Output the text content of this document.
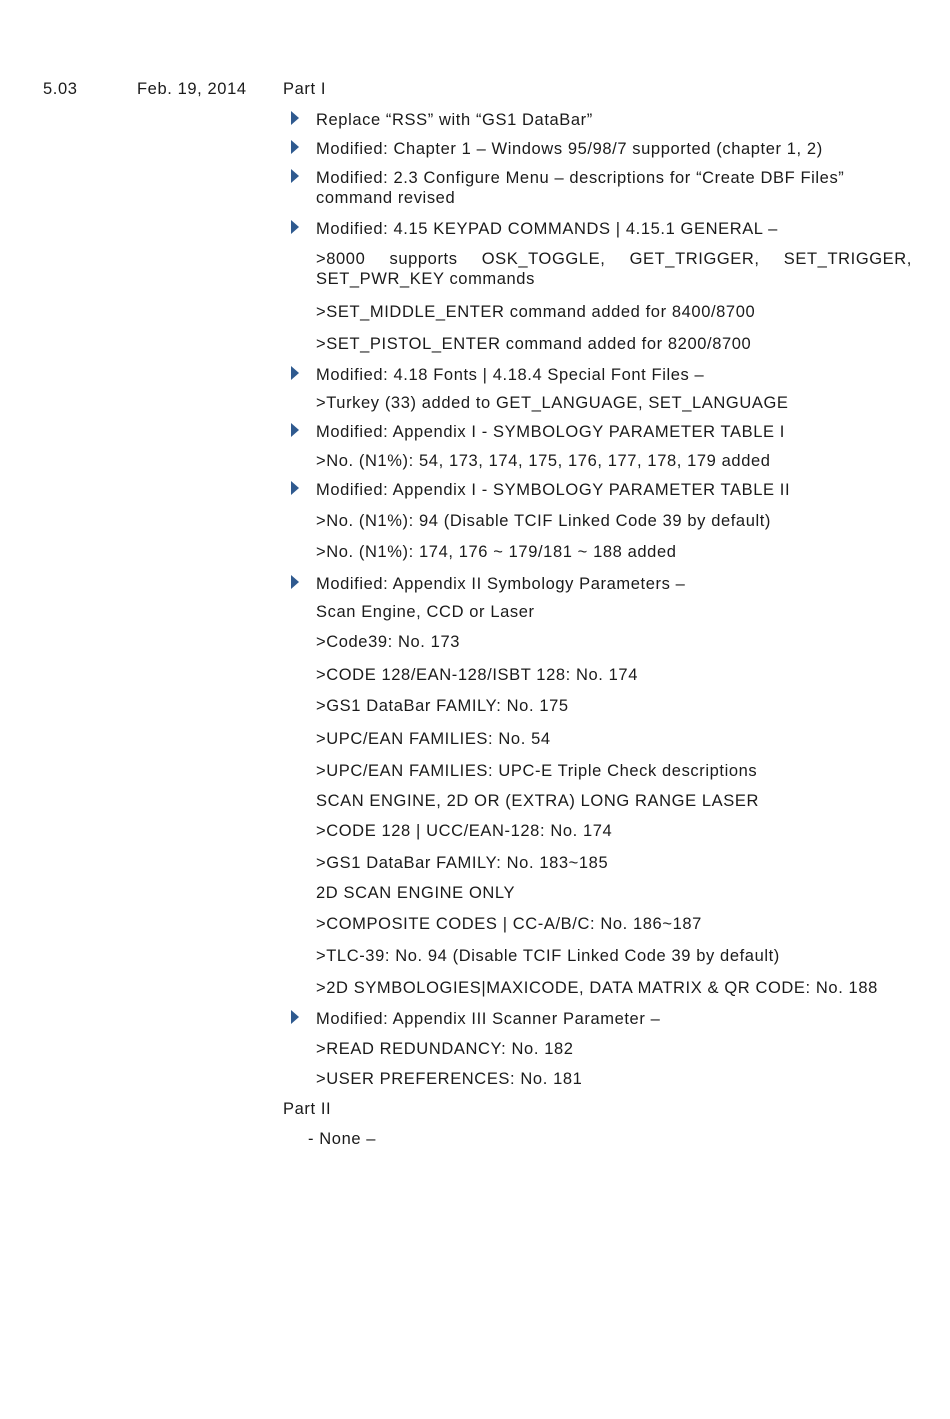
5.03	Feb. 19, 2014 Part I
Replace “RSS” with “GS1 DataBar”
Modified: Chapter 1 – Windows 95/98/7 supported (chapter 1, 2)
Modified: 2.3 Configure Menu – descriptions for “Create DBF Files” command revised
Modified: 4.15 KEYPAD COMMANDS | 4.15.1 GENERAL –
>8000 supports OSK_TOGGLE, GET_TRIGGER, SET_TRIGGER, SET_PWR_KEY commands
>SET_MIDDLE_ENTER command added for 8400/8700
>SET_PISTOL_ENTER command added for 8200/8700
Modified: 4.18 Fonts | 4.18.4 Special Font Files –
>Turkey (33) added to GET_LANGUAGE, SET_LANGUAGE
Modified: Appendix I - SYMBOLOGY PARAMETER TABLE I
>No. (N1%): 54, 173, 174, 175, 176, 177, 178, 179 added
Modified: Appendix I - SYMBOLOGY PARAMETER TABLE II
>No. (N1%): 94 (Disable TCIF Linked Code 39 by default)
>No. (N1%): 174, 176 ~ 179/181 ~ 188 added
Modified: Appendix II Symbology Parameters –
Scan Engine, CCD or Laser
>Code39: No. 173
>CODE 128/EAN-128/ISBT 128: No. 174
>GS1 DataBar FAMILY: No. 175
>UPC/EAN FAMILIES: No. 54
>UPC/EAN FAMILIES: UPC-E Triple Check descriptions
SCAN ENGINE, 2D OR (EXTRA) LONG RANGE LASER
>CODE 128 | UCC/EAN-128: No. 174
>GS1 DataBar FAMILY: No. 183~185
2D SCAN ENGINE ONLY
>COMPOSITE CODES | CC-A/B/C: No. 186~187
>TLC-39: No. 94 (Disable TCIF Linked Code 39 by default)
>2D SYMBOLOGIES|MAXICODE, DATA MATRIX & QR CODE: No. 188
Modified: Appendix III Scanner Parameter –
>READ REDUNDANCY: No. 182
>USER PREFERENCES: No. 181
Part II
- None –
